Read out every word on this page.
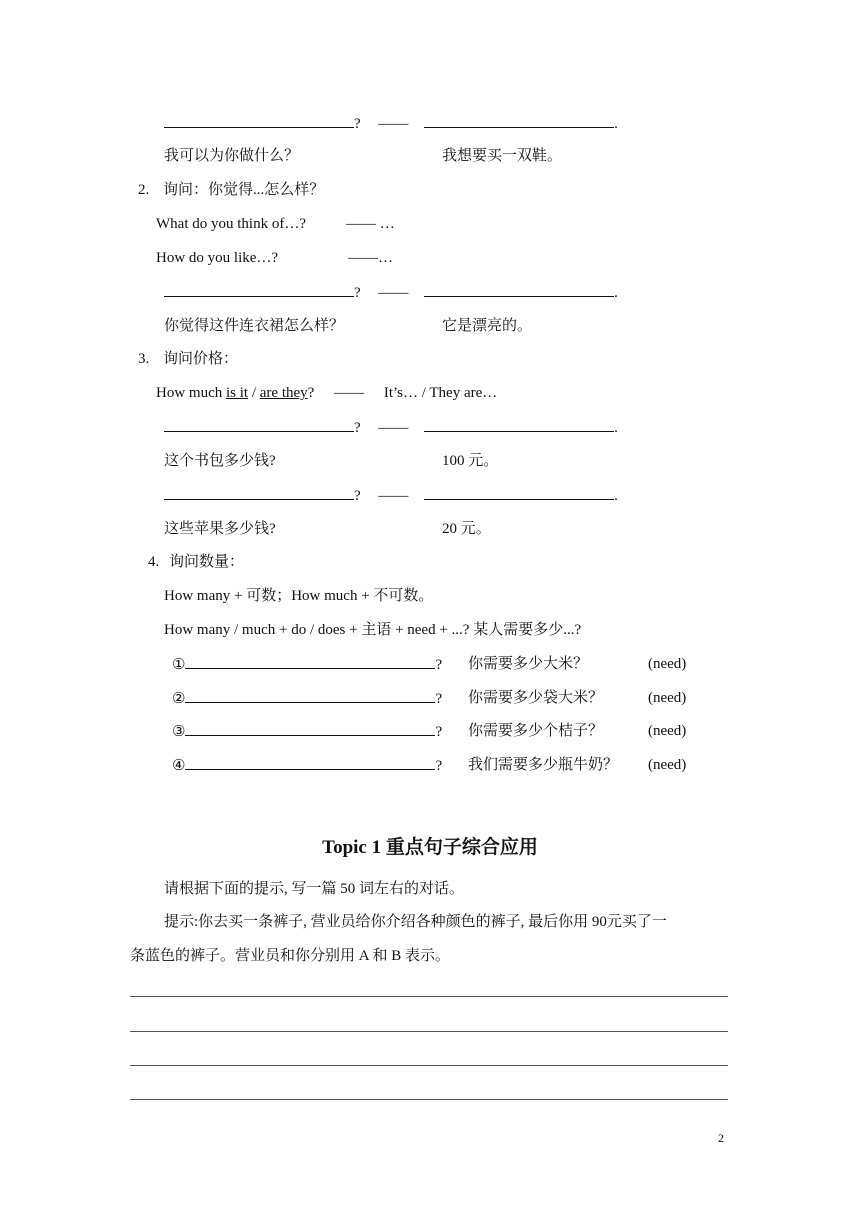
? ——	.
我可以为你做什么？	我想要买一双鞋。
2. 询问：你觉得...怎么样？
What do you think of…?	—— …
How do you like…?	——…
? ——	.
你觉得这件连衣裙怎么样？	它是漂亮的。
3. 询问价格：
How much is it / are they? —— It’s… / They are…
? ——	.
这个书包多少钱?	100 元。
? ——	.
这些苹果多少钱?	20 元。
4. 询问数量：
How many + 可数；How much + 不可数。
How many / much + do / does + 主语 + need + ...? 某人需要多少...?
①	? 你需要多少大米？	(need)
②	? 你需要多少袋大米？	(need)
③	? 你需要多少个桔子？	(need)
④	? 我们需要多少瓶牛奶？ (need)
Topic 1 重点句子综合应用
请根据下面的提示, 写一篇 50 词左右的对话。
提示:你去买一条裤子, 营业员给你介绍各种颜色的裤子, 最后你用 90元买了一
条蓝色的裤子。营业员和你分别用 A 和 B 表示。
2
